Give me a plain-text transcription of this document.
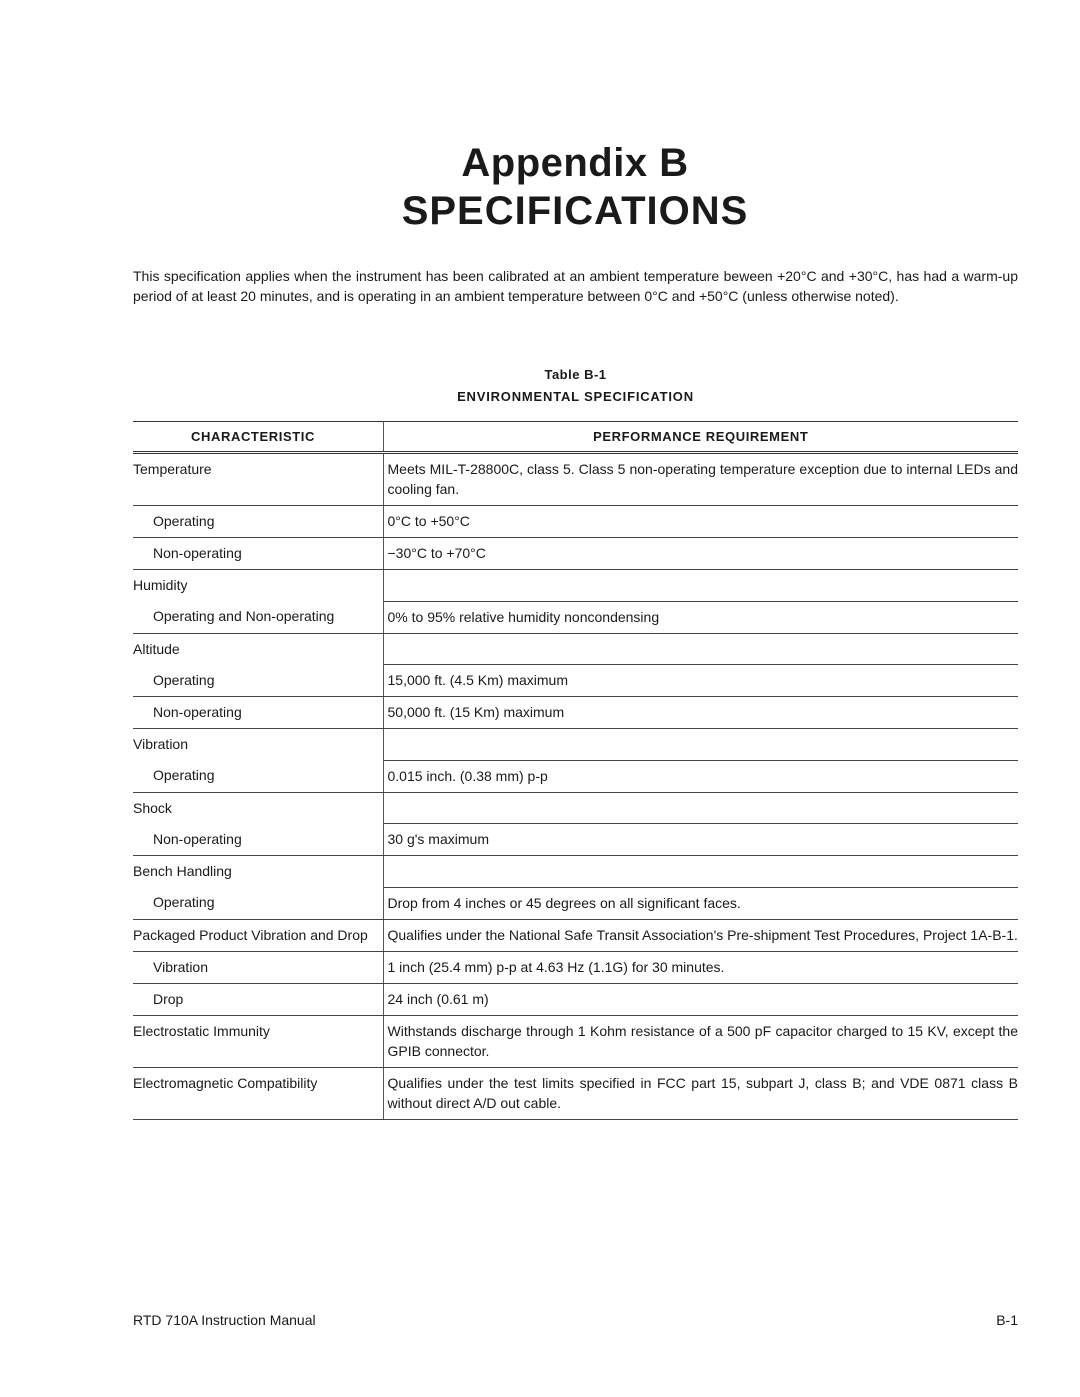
Appendix B
SPECIFICATIONS
This specification applies when the instrument has been calibrated at an ambient temperature beween +20°C and +30°C, has had a warm-up period of at least 20 minutes, and is operating in an ambient temperature between 0°C and +50°C (unless otherwise noted).
Table B-1
ENVIRONMENTAL SPECIFICATION
CHARACTERISTIC	PERFORMANCE REQUIREMENT
Temperature	Meets MIL-T-28800C, class 5. Class 5 non-operating temperature exception due to internal LEDs and cooling fan.
Operating	0°C to +50°C
Non-operating	−30°C to +70°C
Humidity	
Operating and Non-operating	0% to 95% relative humidity noncondensing
Altitude	
Operating	15,000 ft. (4.5 Km) maximum
Non-operating	50,000 ft. (15 Km) maximum
Vibration	
Operating	0.015 inch. (0.38 mm) p-p
Shock	
Non-operating	30 g's maximum
Bench Handling	
Operating	Drop from 4 inches or 45 degrees on all significant faces.
Packaged Product Vibration and Drop	Qualifies under the National Safe Transit Association's Pre-shipment Test Procedures, Project 1A-B-1.
Vibration	1 inch (25.4 mm) p-p at 4.63 Hz (1.1G) for 30 minutes.
Drop	24 inch (0.61 m)
Electrostatic Immunity	Withstands discharge through 1 Kohm resistance of a 500 pF capacitor charged to 15 KV, except the GPIB connector.
Electromagnetic Compatibility	Qualifies under the test limits specified in FCC part 15, subpart J, class B; and VDE 0871 class B without direct A/D out cable.
RTD 710A Instruction Manual	B-1
